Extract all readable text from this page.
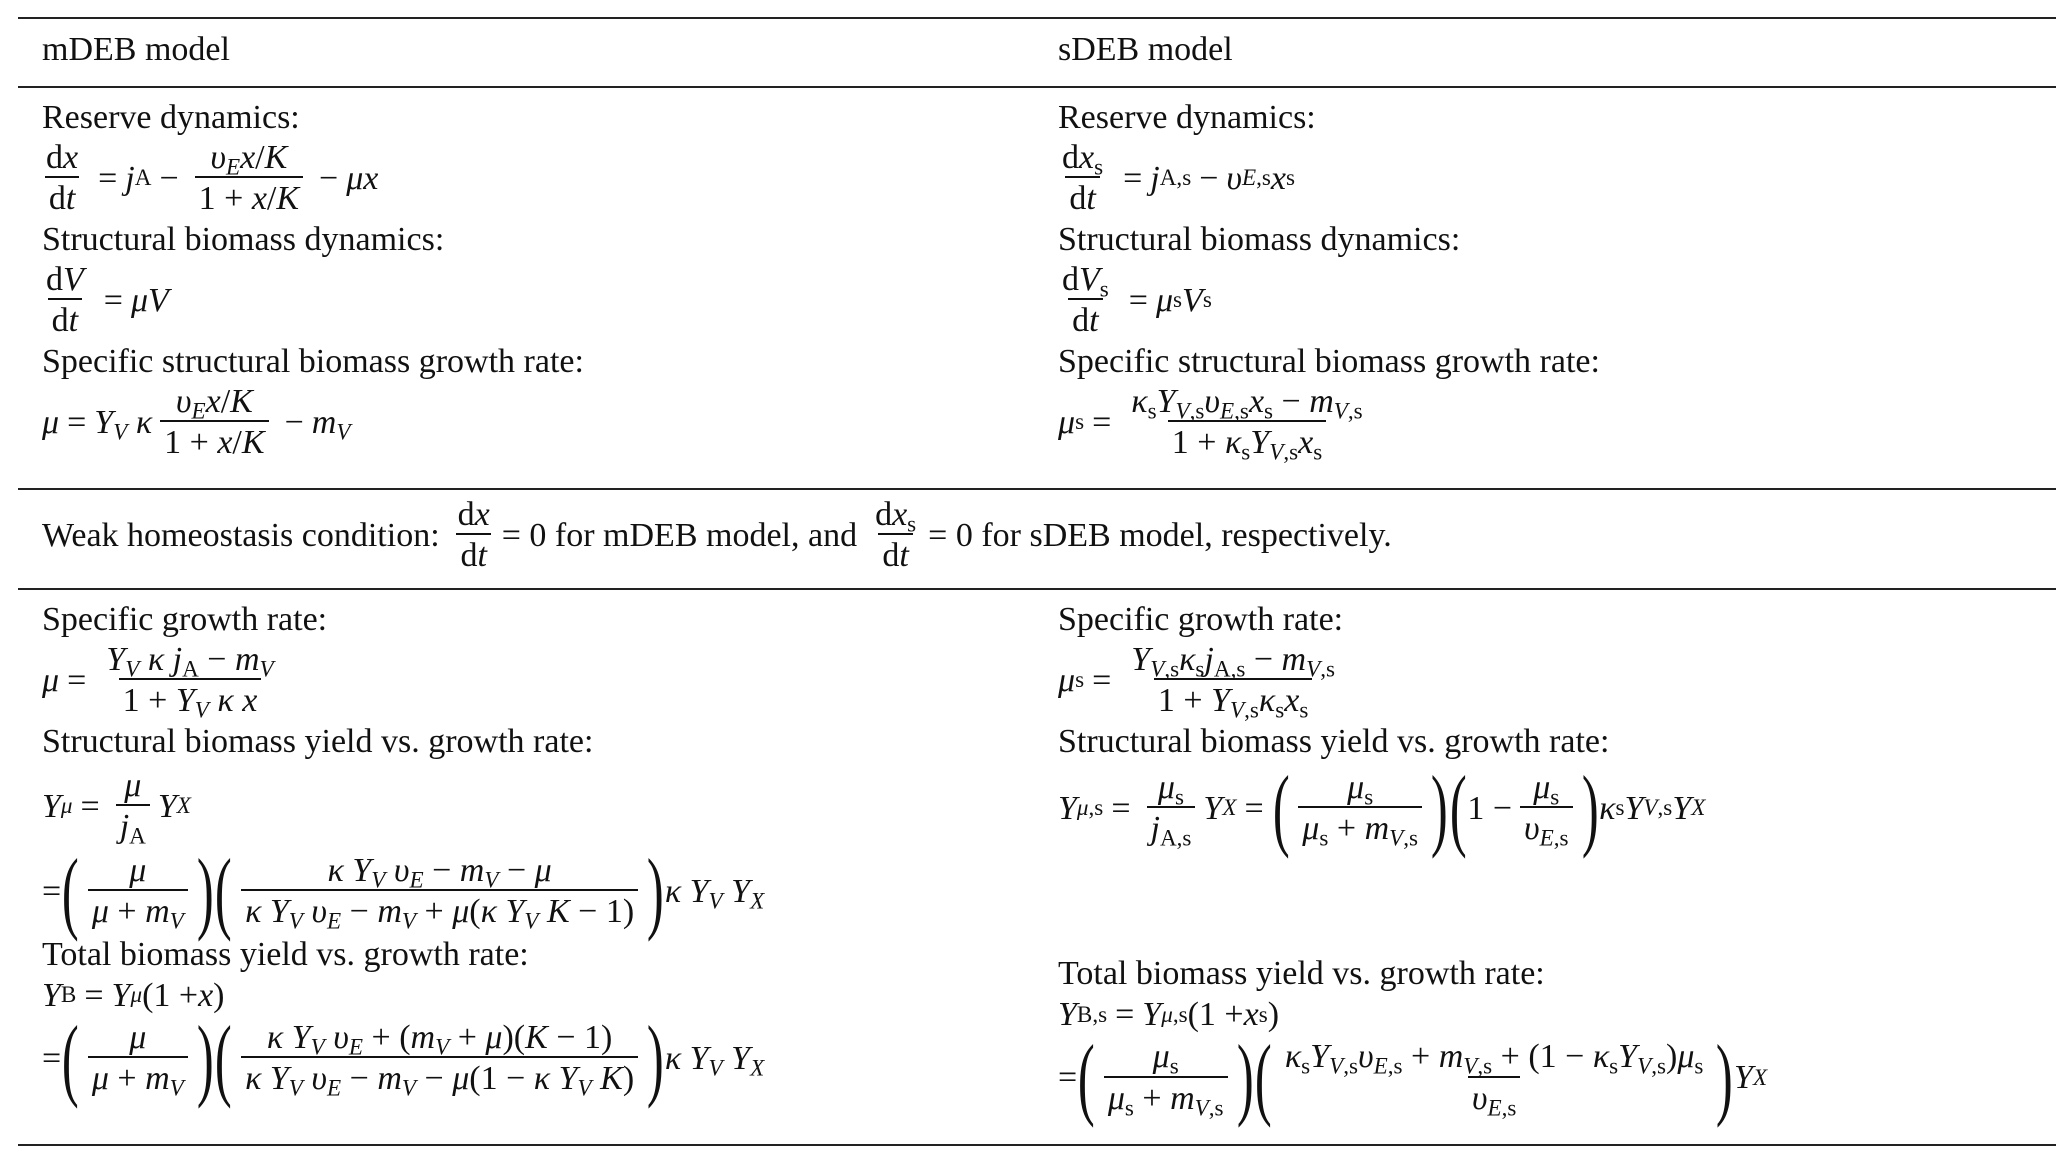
mDEB model	sDEB model
Reserve dynamics:
$\frac{dx}{dt} = j$ $A - \frac{\upsilon_Ex/K}{1 + x/K} - \mu x$
Structural biomass dynamics:
$\frac{dV}{dt} = \mu V$
Specific structural biomass growth rate:
$\mu = Y_V$
κ $\frac{\upsilon_Ex/K}{1 + x/K} - m_V$
Reserve dynamics:
$\frac{dx_s}{dt} = j$ A,s − υ E,s x s
Structural biomass dynamics:
$\frac{dV_s}{dt} = \mu$ s V s
Specific structural biomass growth rate:
μ $s = \frac{\kappa_sY_{V,s}\upsilon_{E,s}x_s - m_{V,s}}{1 + \kappa_sY_{V,s}x_s}$
Weak homeostasis condition: $\frac{dx}{dt} = 0$ for mDEB model, and $\frac{dx_s}{dt} = 0$ for sDEB model, respectively.
Specific growth rate:
$\mu = \frac{Y_V \kappa j_A - m_V}{1 + Y_V \kappa x}$
Structural biomass yield vs. growth rate:
Y $\mu = \frac{\mu}{j_A}$ Y X
= ( $\frac{\mu}{\mu + m_V}$ ) ( $\frac{\kappa Y_V \upsilon_E - m_V - \mu}{\kappa Y_V \upsilon_E - m_V + \mu(\kappa Y_V K - 1)}$ ) κ $Y_V$ $Y_X$
Total biomass yield vs. growth rate:
Y B = Y μ (1 + x )
= ( $\frac{\mu}{\mu + m_V}$ ) ( $\frac{\kappa Y_V \upsilon_E + (m_V + \mu)(K - 1)}{\kappa Y_V \upsilon_E - m_V - \mu(1 - \kappa Y_V K)}$ ) κ $Y_V$ $Y_X$
Specific growth rate:
μ $s = \frac{Y_{V,s}\kappa_sj_{A,s} - m_{V,s}}{1 + Y_{V,s}\kappa_sx_s}$
Structural biomass yield vs. growth rate:
Y $\mu,s = \frac{\mu_s}{j_{A,s}}$ Y X = ( $\frac{\mu_s}{\mu_s + m_{V,s}}$ ) ( $1 - \frac{\mu_s}{\upsilon_{E,s}}$ ) κ s Y V,s Y X
Total biomass yield vs. growth rate:
Y B,s = Y μ,s (1 + x s )
= ( $\frac{\mu_s}{\mu_s + m_{V,s}}$ ) ( $\frac{\kappa_sY_{V,s}\upsilon_{E,s} + m_{V,s} + (1 - \kappa_sY_{V,s})\mu_s}{\upsilon_{E,s}}$ ) Y X
